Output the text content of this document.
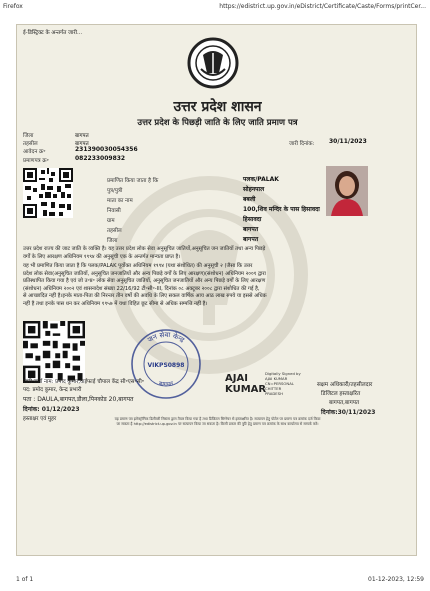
Firefox	https://edistrict.up.gov.in/eDistrict/Certificate/Caste/Forms/printCer...
ई-डिस्ट्रिक्ट के अन्तर्गत जारी...
उत्तर प्रदेश शासन
उत्तर प्रदेश के पिछड़ी जाति के लिए जाति प्रमाण पत्र
जिला	बागपत
तहसील	बागपत
आवेदन क्र॰	231390030054356
प्रमाणपत्र क्र॰	082233009832
जारी दिनांक: 30/11/2023
प्रमाणित किया जाता है कि	पलक/PALAK
पुत्र/पुत्री	सोहनपाल
माता का नाम	बबली
निवासी	100,शिव मन्दिर के पास हिसावदा
ग्राम	हिसावदा
तहसील	बागपत
जिला	बागपत
उत्तर प्रदेश राज्य की जाट जाति के व्यक्ति है। यह उत्तर प्रदेश लोक सेवा अनुसूचित जातियों,अनुसूचित जन जातियों तथा अन्य पिछड़े
वर्गों के लिए आरक्षण अधिनियम १९९४ की अनुसूची एक के अन्तर्गत मान्यता प्राप्त है।
यह भी प्रमाणित किया जाता है कि पलक/PALAK पूर्वोक्त अधिनियम १९९४ (यथा संशोधित) की अनुसूची २ (जैसा कि उत्तर
प्रदेश लोक सेवा(अनुसूचित जातियों, अनुसूचित जनजातियों और अन्य पिछड़े वर्गों के लिए आरक्षण)(संशोधन) अधिनियम २००१ द्वारा
प्रतिस्थापित किया गया है एवं जो उ॰प्र॰ लोक सेवा अनुसूचित जातियों, अनुसूचित जनजातियों और अन्य पिछड़े वर्गों के लिए आरक्षण
(संशोधन) अधिनियम २००२ एवं शासनादेश संख्या 22/16/92 टी॰सी॰-III, दिनांक ०८ अक्टूबर २००८ द्वारा संशोधित की गई है,
से आच्छादित नहीं है।इनके माता-पिता की निरन्तर तीन वर्षो की अवधि के लिए सकल वार्षिक आय आठ लाख रुपये या इससे अधिक
नहीं है तथा इनके पास धन कर अधिनियम १९५७ में यथा विहित छूट सीमा से अधिक सम्पत्ति नहीं है।
जन सेवा केन्द्र
VIKPS0898
बागपत
जारी कर्ता नाम: प्रमोद कुमार,वाईफाई चौपाल केंद्र सी॰एस॰सी॰
पद: प्रमोद कुमार, केन्द्र प्रभारी
पता : DAULA,बागपत,डौला,पिनकोड 20,बागपत
दिनांक: 01/12/2023
हस्ताक्षर एवं मुहर
AJAI
KUMAR
Digitally Signed by
AJAI KUMAR
CN=PERSONAL
CHITTER
PRADESH
सक्षम अधिकारी/तहसीलदार
डिजिटल हस्ताक्षरित
बागपत,बागपत
दिनांक:30/11/2023
यह प्रमाण पत्र इलेक्ट्रॉनिक डिलीवरी सिस्टम द्वारा तैयार किया गया है तथा डिजिटल सिग्नेचर से हस्ताक्षरित है। सत्यापन हेतु पोर्टल पर प्रमाण पत्र क्रमांक दर्ज किया
जा सकता है http://edistrict.up.gov.in पर सत्यापन किया जा सकता है। किसी प्रकार की त्रुटि हेतु प्रमाण पत्र क्रमांक के साथ कार्यालय से सम्पर्क करें।
1 of 1	01-12-2023, 12:59
